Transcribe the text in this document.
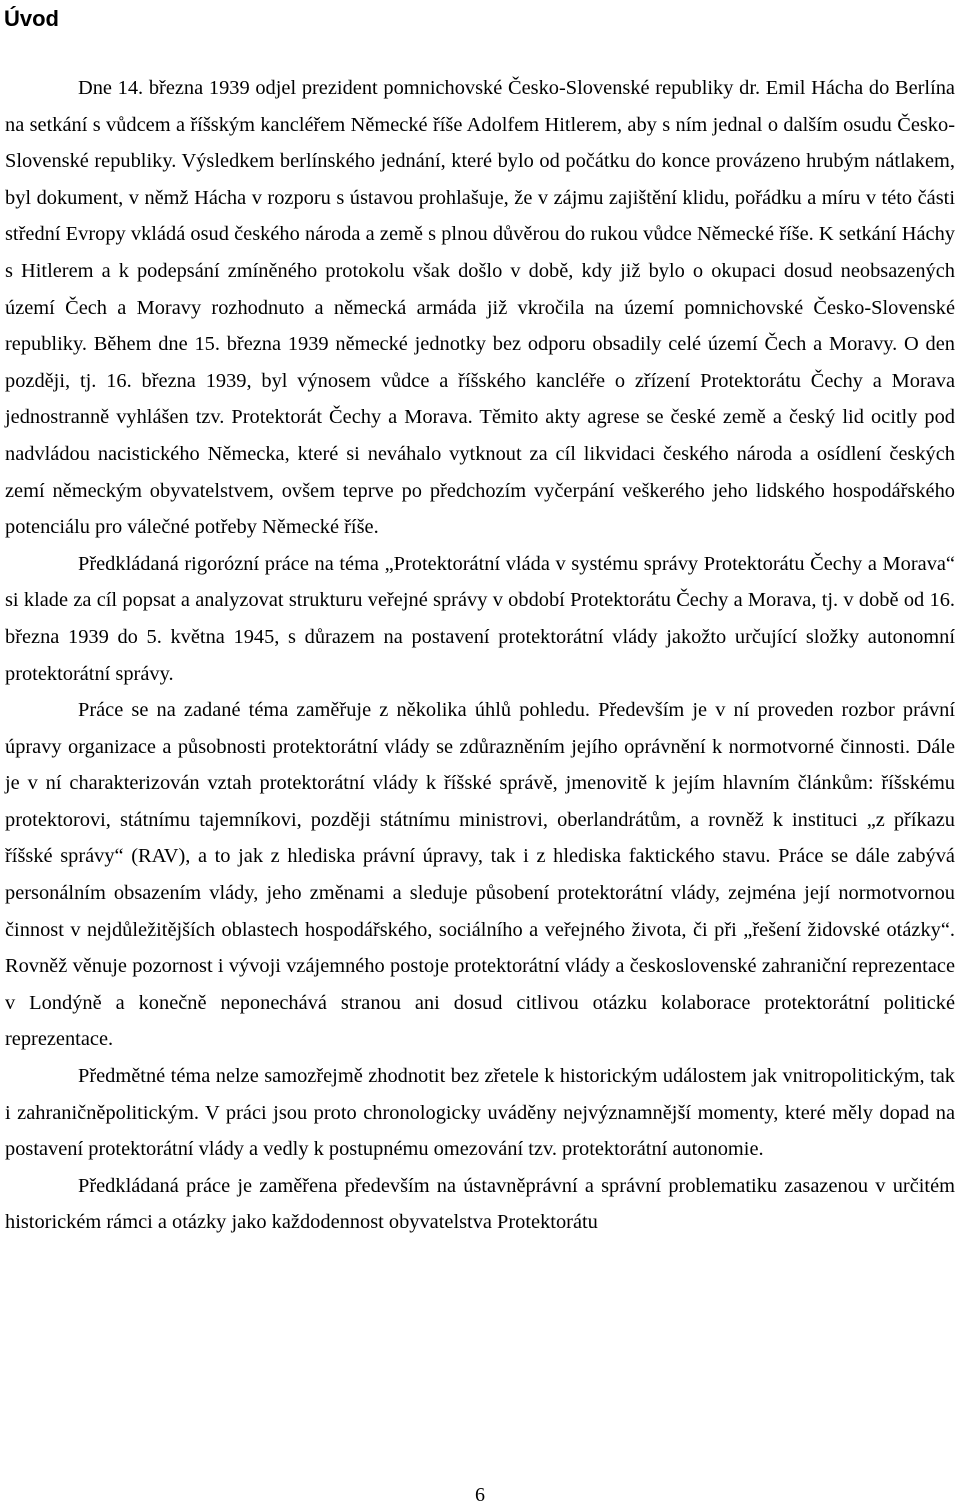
Úvod

Dne 14. března 1939 odjel prezident pomnichovské Česko-Slovenské republiky dr. Emil Hácha do Berlína na setkání s vůdcem a říšským kancléřem Německé říše Adolfem Hitlerem, aby s ním jednal o dalším osudu Česko-Slovenské republiky. Výsledkem berlínského jednání, které bylo od počátku do konce provázeno hrubým nátlakem, byl dokument, v němž Hácha v rozporu s ústavou prohlašuje, že v zájmu zajištění klidu, pořádku a míru v této části střední Evropy vkládá osud českého národa a země s plnou důvěrou do rukou vůdce Německé říše. K setkání Háchy s Hitlerem a k podepsání zmíněného protokolu však došlo v době, kdy již bylo o okupaci dosud neobsazených území Čech a Moravy rozhodnuto a německá armáda již vkročila na území pomnichovské Česko-Slovenské republiky. Během dne 15. března 1939 německé jednotky bez odporu obsadily celé území Čech a Moravy. O den později, tj. 16. března 1939, byl výnosem vůdce a říšského kancléře o zřízení Protektorátu Čechy a Morava jednostranně vyhlášen tzv. Protektorát Čechy a Morava. Těmito akty agrese se české země a český lid ocitly pod nadvládou nacistického Německa, které si neváhalo vytknout za cíl likvidaci českého národa a osídlení českých zemí německým obyvatelstvem, ovšem teprve po předchozím vyčerpání veškerého jeho lidského hospodářského potenciálu pro válečné potřeby Německé říše.

Předkládaná rigorózní práce na téma „Protektorátní vláda v systému správy Protektorátu Čechy a Morava“ si klade za cíl popsat a analyzovat strukturu veřejné správy v období Protektorátu Čechy a Morava, tj. v době od 16. března 1939 do 5. května 1945, s důrazem na postavení protektorátní vlády jakožto určující složky autonomní protektorátní správy.

Práce se na zadané téma zaměřuje z několika úhlů pohledu. Především je v ní proveden rozbor právní úpravy organizace a působnosti protektorátní vlády se zdůrazněním jejího oprávnění k normotvorné činnosti. Dále je v ní charakterizován vztah protektorátní vlády k říšské správě, jmenovitě k jejím hlavním článkům: říšskému protektorovi, státnímu tajemníkovi, později státnímu ministrovi, oberlandrátům, a rovněž k instituci „z příkazu říšské správy“ (RAV), a to jak z hlediska právní úpravy, tak i z hlediska faktického stavu. Práce se dále zabývá personálním obsazením vlády, jeho změnami a sleduje působení protektorátní vlády, zejména její normotvornou činnost v nejdůležitějších oblastech hospodářského, sociálního a veřejného života, či při „řešení židovské otázky“. Rovněž věnuje pozornost i vývoji vzájemného postoje protektorátní vlády a československé zahraniční reprezentace v Londýně a konečně neponechává stranou ani dosud citlivou otázku kolaborace protektorátní politické reprezentace.

Předmětné téma nelze samozřejmě zhodnotit bez zřetele k historickým událostem jak vnitropolitickým, tak i zahraničněpolitickým. V práci jsou proto chronologicky uváděny nejvýznamnější momenty, které měly dopad na postavení protektorátní vlády a vedly k postupnému omezování tzv. protektorátní autonomie.

Předkládaná práce je zaměřena především na ústavněprávní a správní problematiku zasazenou v určitém historickém rámci a otázky jako každodennost obyvatelstva Protektorátu

6
